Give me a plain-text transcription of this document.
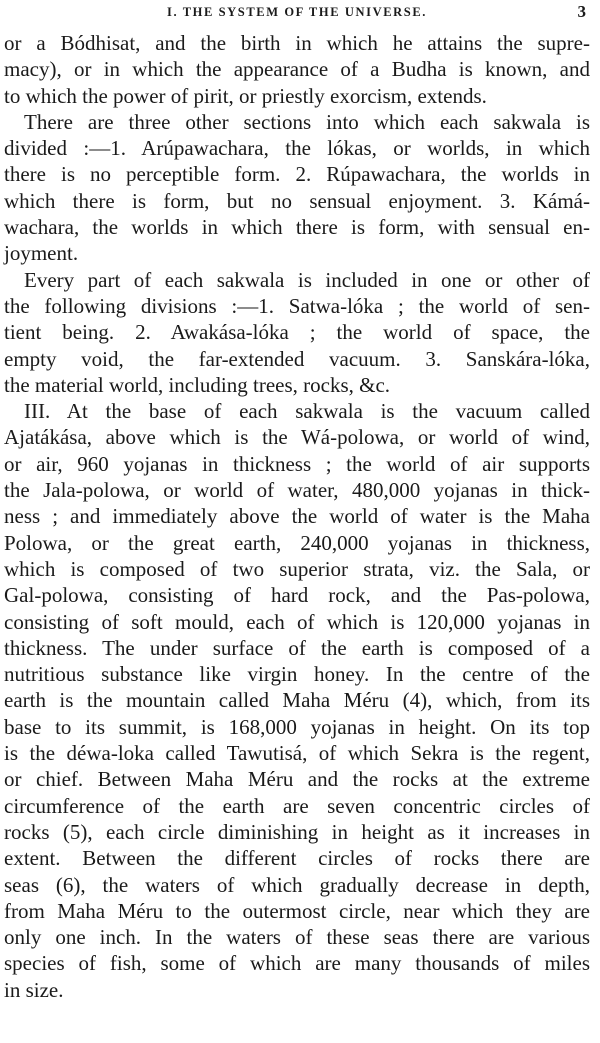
I. THE SYSTEM OF THE UNIVERSE.	3
or a Bódhisat, and the birth in which he attains the supre-
macy), or in which the appearance of a Budha is known, and
to which the power of pirit, or priestly exorcism, extends.
There are three other sections into which each sakwala is
divided :—1. Arúpawachara, the lókas, or worlds, in which
there is no perceptible form. 2. Rúpawachara, the worlds in
which there is form, but no sensual enjoyment. 3. Kámá-
wachara, the worlds in which there is form, with sensual en-
joyment.
Every part of each sakwala is included in one or other of
the following divisions :—1. Satwa-lóka ; the world of sen-
tient being. 2. Awakása-lóka ; the world of space, the
empty void, the far-extended vacuum. 3. Sanskára-lóka,
the material world, including trees, rocks, &c.
III. At the base of each sakwala is the vacuum called
Ajatákása, above which is the Wá-polowa, or world of wind,
or air, 960 yojanas in thickness ; the world of air supports
the Jala-polowa, or world of water, 480,000 yojanas in thick-
ness ; and immediately above the world of water is the Maha
Polowa, or the great earth, 240,000 yojanas in thickness,
which is composed of two superior strata, viz. the Sala, or
Gal-polowa, consisting of hard rock, and the Pas-polowa,
consisting of soft mould, each of which is 120,000 yojanas in
thickness. The under surface of the earth is composed of a
nutritious substance like virgin honey. In the centre of the
earth is the mountain called Maha Méru (4), which, from its
base to its summit, is 168,000 yojanas in height. On its top
is the déwa-loka called Tawutisá, of which Sekra is the regent,
or chief. Between Maha Méru and the rocks at the extreme
circumference of the earth are seven concentric circles of
rocks (5), each circle diminishing in height as it increases in
extent. Between the different circles of rocks there are
seas (6), the waters of which gradually decrease in depth,
from Maha Méru to the outermost circle, near which they are
only one inch. In the waters of these seas there are various
species of fish, some of which are many thousands of miles
in size.
